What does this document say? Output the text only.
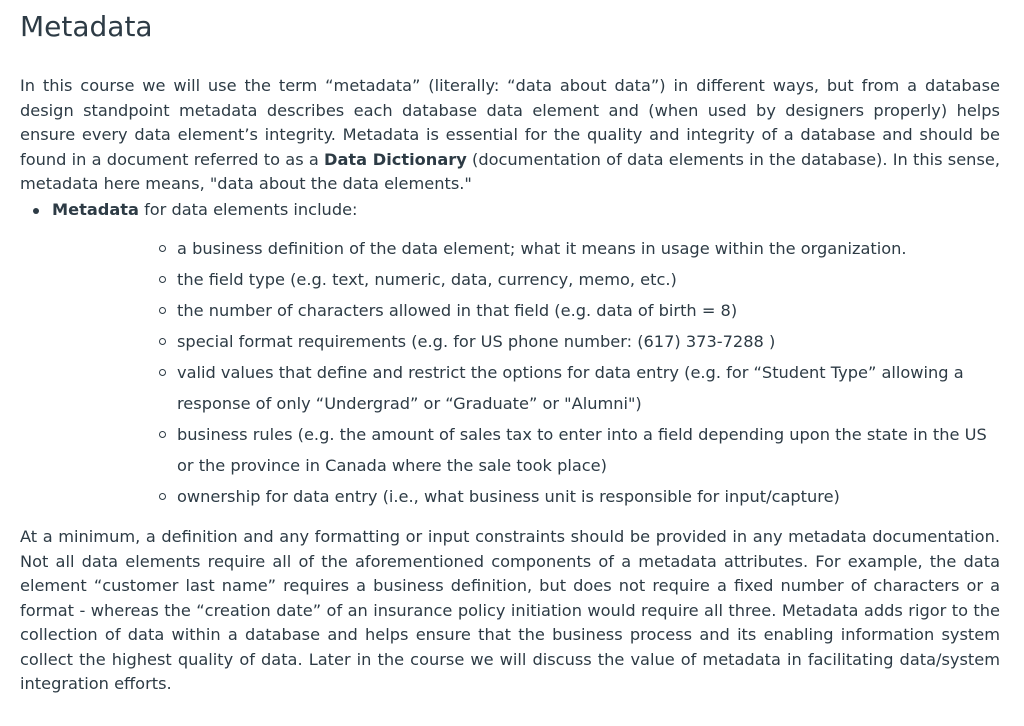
Metadata

In this course we will use the term “metadata” (literally: “data about data”) in different ways, but from a database design standpoint metadata describes each database data element and (when used by designers properly) helps ensure every data element’s integrity. Metadata is essential for the quality and integrity of a database and should be found in a document referred to as a Data Dictionary (documentation of data elements in the database). In this sense, metadata here means, "data about the data elements."

Metadata for data elements include:
a business definition of the data element; what it means in usage within the organization.
the field type (e.g. text, numeric, data, currency, memo, etc.)
the number of characters allowed in that field (e.g. data of birth = 8)
special format requirements (e.g. for US phone number: (617) 373-7288 )
valid values that define and restrict the options for data entry (e.g. for “Student Type” allowing a response of only “Undergrad” or “Graduate” or "Alumni")
business rules (e.g. the amount of sales tax to enter into a field depending upon the state in the US or the province in Canada where the sale took place)
ownership for data entry (i.e., what business unit is responsible for input/capture)

At a minimum, a definition and any formatting or input constraints should be provided in any metadata documentation. Not all data elements require all of the aforementioned components of a metadata attributes. For example, the data element “customer last name” requires a business definition, but does not require a fixed number of characters or a format - whereas the “creation date” of an insurance policy initiation would require all three. Metadata adds rigor to the collection of data within a database and helps ensure that the business process and its enabling information system collect the highest quality of data. Later in the course we will discuss the value of metadata in facilitating data/system integration efforts.
